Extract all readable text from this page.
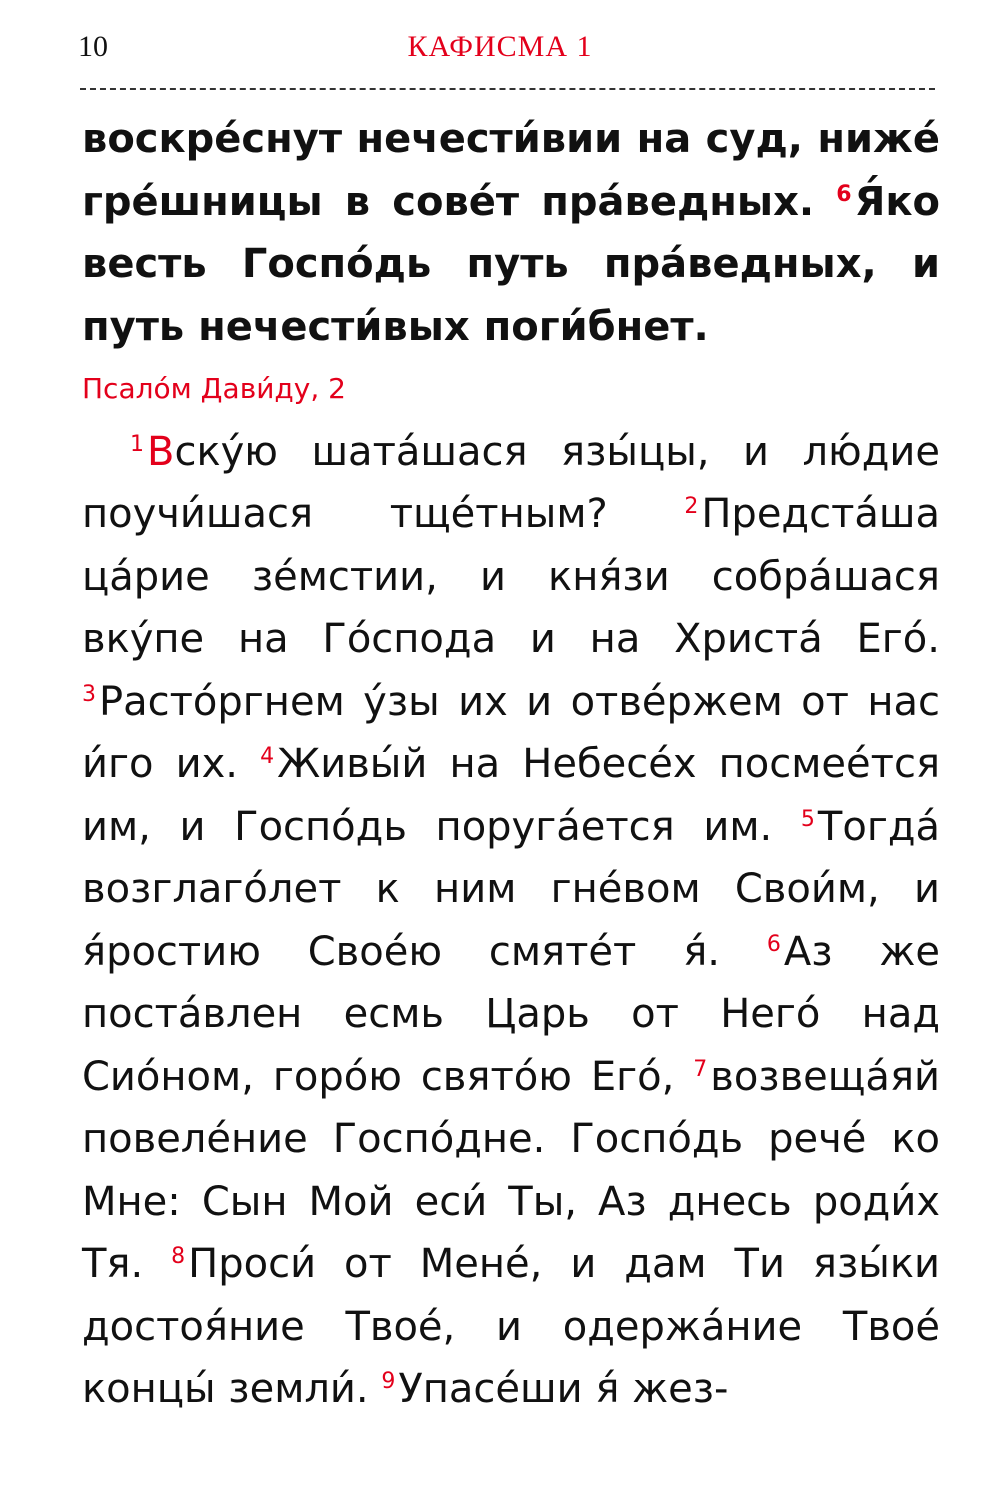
10	КАФИСМА 1

воскре́снут нечести́вии на суд, ниже́ гре́шницы в сове́т пра́ведных. $^6$Я́ко весть Госпо́дь путь пра́ведных, и путь нечести́вых поги́бнет.

Псало́м Дави́ду, 2

$^1$Вску́ю шата́шася язы́цы, и лю́дие поучи́шася тще́тным? $^2$Предста́ша ца́рие зе́мстии, и кня́зи собра́шася вку́пе на Го́спода и на Христа́ Его́. $^3$Расто́ргнем у́зы их и отве́ржем от нас и́го их. $^4$Живы́й на Небесе́х посмее́тся им, и Госпо́дь поруга́ется им. $^5$Тогда́ возглаго́лет к ним гне́вом Свои́м, и я́ростию Свое́ю смяте́т я́. $^6$Аз же поста́влен есмь Царь от Него́ над Сио́ном, горо́ю свято́ю Его́, $^7$возвеща́яй повеле́ние Госпо́дне. Госпо́дь рече́ ко Мне: Сын Мой еси́ Ты, Аз днесь роди́х Тя. $^8$Проси́ от Мене́, и дам Ти язы́ки достоя́ние Твое́, и одержа́ние Твое́ концы́ земли́. $^9$Упасе́ши я́ жез-
